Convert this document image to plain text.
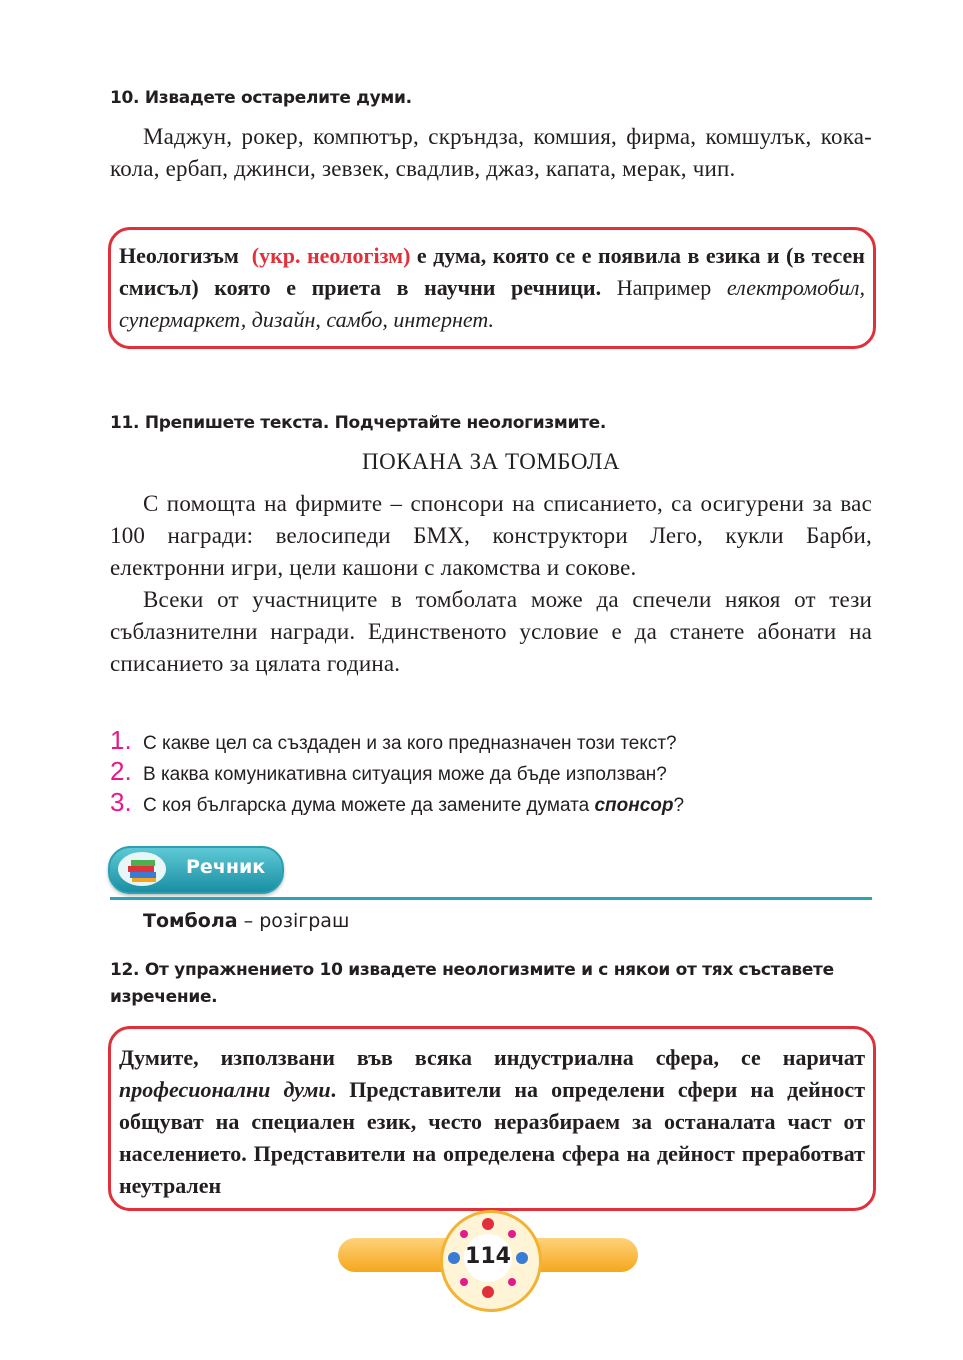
10. Извадете остарелите думи.

Маджун, рокер, компютър, скръндза, комшия, фирма, комшулък, кока-кола, ербап, джинси, зевзек, свадлив, джаз, капата, мерак, чип.

Неологизъм (укр. неологізм) е дума, която се е появила в езика и (в тесен смисъл) която е приета в научни речници. Например електромобил, супермаркет, дизайн, самбо, интернет.
11. Препишете текста. Подчертайте неологизмите.
ПОКАНА ЗА ТОМБОЛА

С помощта на фирмите – спонсори на списанието, са осигурени за вас 100 награди: велосипеди БМХ, конструктори Лего, кукли Барби, електронни игри, цели кашони с лакомства и сокове.

Всеки от участниците в томболата може да спечели някоя от тези съблазнителни награди. Единственото условие е да станете абонати на списанието за цялата година.

1. С какве цел са създаден и за кого предназначен този текст?
2. В каква комуникативна ситуация може да бъде използван?
3. С коя българска дума можете да замените думата спонсор?
Речник
Томбола – розіграш
12. От упражнението 10 извадете неологизмите и с някои от тях съставете изречение.
Думите, използвани във всяка индустриална сфера, се наричат професионални думи. Представители на определени сфери на дейност общуват на специален език, често неразбираем за останалата част от населението. Представители на определена сфера на дейност преработват неутрален
114
